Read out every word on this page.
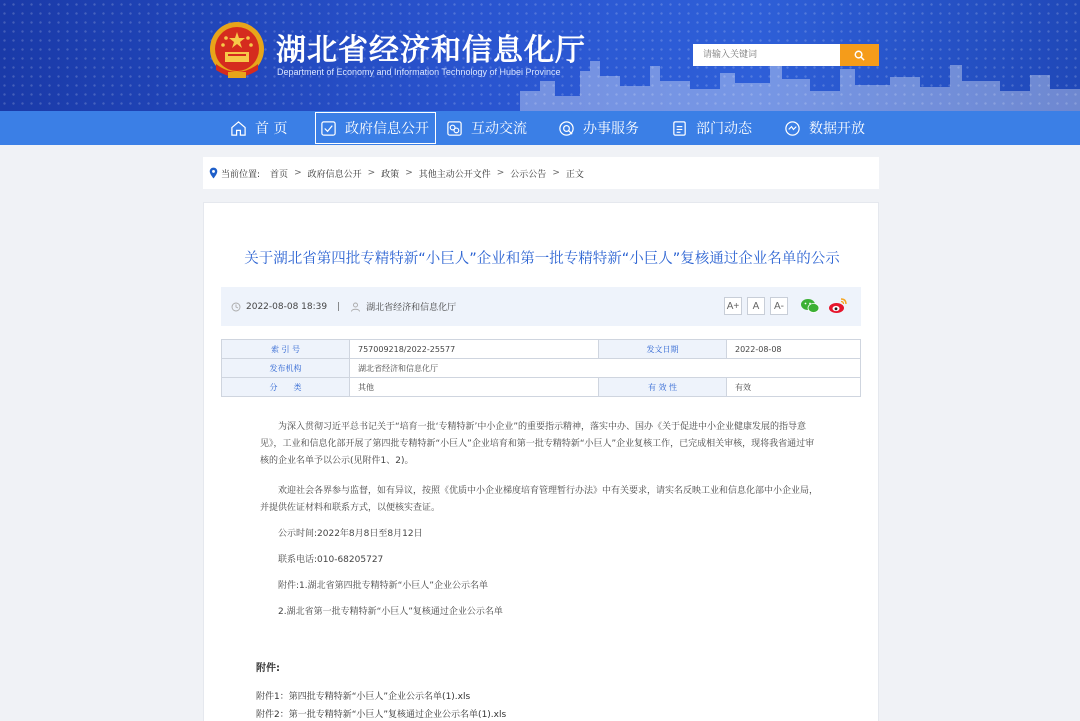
湖北省经济和信息化厅
Department of Economy and Information Technology of Hubei Province
请输入关键词
首 页	政府信息公开	互动交流	办事服务	部门动态	数据开放
当前位置: 首页 > 政府信息公开 > 政策 > 其他主动公开文件 > 公示公告 > 正文
关于湖北省第四批专精特新“小巨人”企业和第一批专精特新“小巨人”复核通过企业名单的公示
2022-08-08 18:39 |	湖北省经济和信息化厅	A+	A	A-
索 引 号	757009218/2022-25577	发文日期	2022-08-08
发布机构	湖北省经济和信息化厅		
分　　类	其他	有 效 性	有效
为深入贯彻习近平总书记关于“培育一批‘专精特新’中小企业”的重要指示精神，落实中办、国办《关于促进中小企业健康发展的指导意见》，工业和信息化部开展了第四批专精特新“小巨人”企业培育和第一批专精特新“小巨人”企业复核工作，已完成相关审核，现将我省通过审核的企业名单予以公示(见附件1、2)。
欢迎社会各界参与监督，如有异议，按照《优质中小企业梯度培育管理暂行办法》中有关要求，请实名反映工业和信息化部中小企业局，并提供佐证材料和联系方式，以便核实查证。
公示时间:2022年8月8日至8月12日
联系电话:010-68205727
附件:1.湖北省第四批专精特新“小巨人”企业公示名单
2.湖北省第一批专精特新“小巨人”复核通过企业公示名单
附件:
附件1：第四批专精特新“小巨人”企业公示名单(1).xls
附件2：第一批专精特新“小巨人”复核通过企业公示名单(1).xls
